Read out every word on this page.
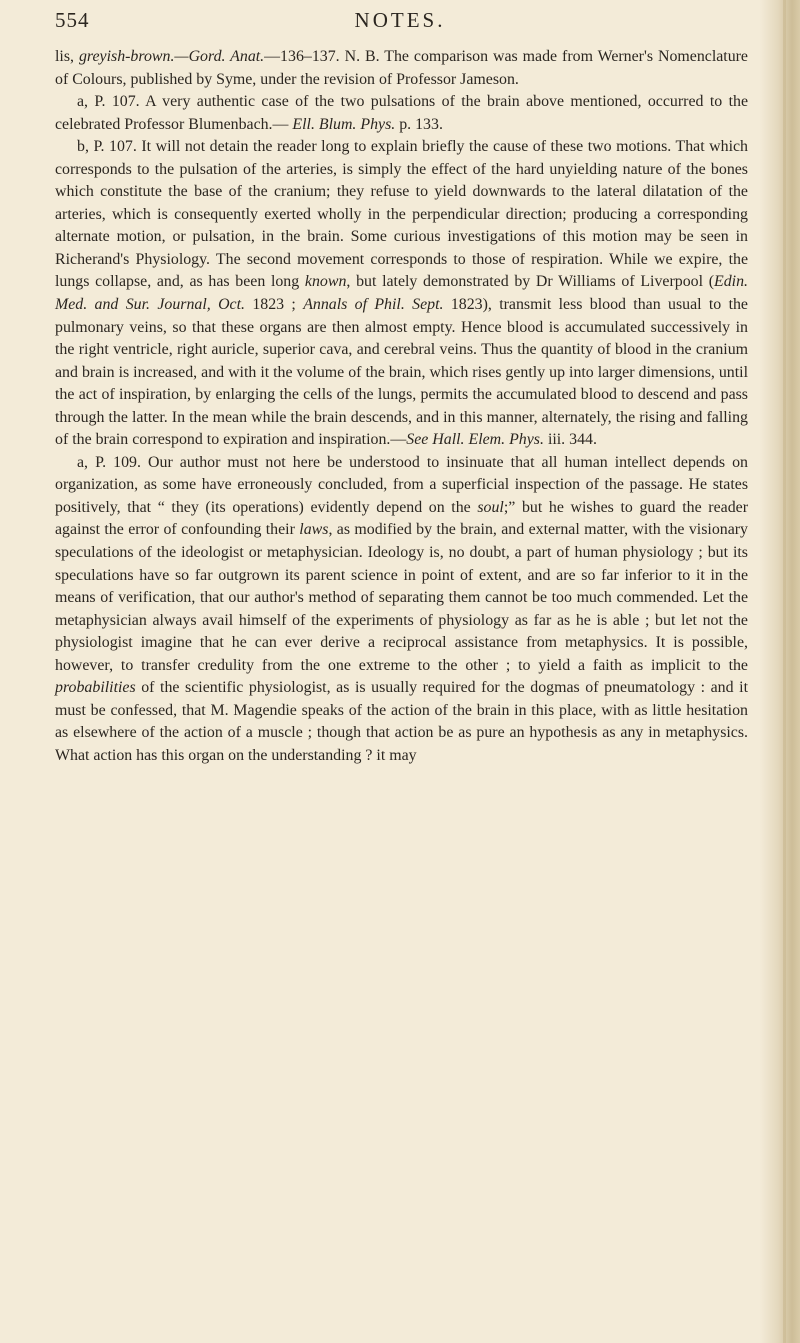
554	NOTES.

lis, greyish-brown.—Gord. Anat.—136–137. N. B. The comparison was made from Werner's Nomenclature of Colours, published by Syme, under the revision of Professor Jameson.

a, P. 107. A very authentic case of the two pulsations of the brain above mentioned, occurred to the celebrated Professor Blumenbach.— Ell. Blum. Phys. p. 133.

b, P. 107. It will not detain the reader long to explain briefly the cause of these two motions. That which corresponds to the pulsation of the arteries, is simply the effect of the hard unyielding nature of the bones which constitute the base of the cranium; they refuse to yield downwards to the lateral dilatation of the arteries, which is consequently exerted wholly in the perpendicular direction; producing a corresponding alternate motion, or pulsation, in the brain. Some curious investigations of this motion may be seen in Richerand's Physiology. The second movement corresponds to those of respiration. While we expire, the lungs collapse, and, as has been long known, but lately demonstrated by Dr Williams of Liverpool (Edin. Med. and Sur. Journal, Oct. 1823 ; Annals of Phil. Sept. 1823), transmit less blood than usual to the pulmonary veins, so that these organs are then almost empty. Hence blood is accumulated successively in the right ventricle, right auricle, superior cava, and cerebral veins. Thus the quantity of blood in the cranium and brain is increased, and with it the volume of the brain, which rises gently up into larger dimensions, until the act of inspiration, by enlarging the cells of the lungs, permits the accumulated blood to descend and pass through the latter. In the mean while the brain descends, and in this manner, alternately, the rising and falling of the brain correspond to expiration and inspiration.—See Hall. Elem. Phys. iii. 344.

a, P. 109. Our author must not here be understood to insinuate that all human intellect depends on organization, as some have erroneously concluded, from a superficial inspection of the passage. He states positively, that “ they (its operations) evidently depend on the soul;” but he wishes to guard the reader against the error of confounding their laws, as modified by the brain, and external matter, with the visionary speculations of the ideologist or metaphysician. Ideology is, no doubt, a part of human physiology ; but its speculations have so far outgrown its parent science in point of extent, and are so far inferior to it in the means of verification, that our author's method of separating them cannot be too much commended. Let the metaphysician always avail himself of the experiments of physiology as far as he is able ; but let not the physiologist imagine that he can ever derive a reciprocal assistance from metaphysics. It is possible, however, to transfer credulity from the one extreme to the other ; to yield a faith as implicit to the probabilities of the scientific physiologist, as is usually required for the dogmas of pneumatology : and it must be confessed, that M. Magendie speaks of the action of the brain in this place, with as little hesitation as elsewhere of the action of a muscle ; though that action be as pure an hypothesis as any in metaphysics. What action has this organ on the understanding ? it may
